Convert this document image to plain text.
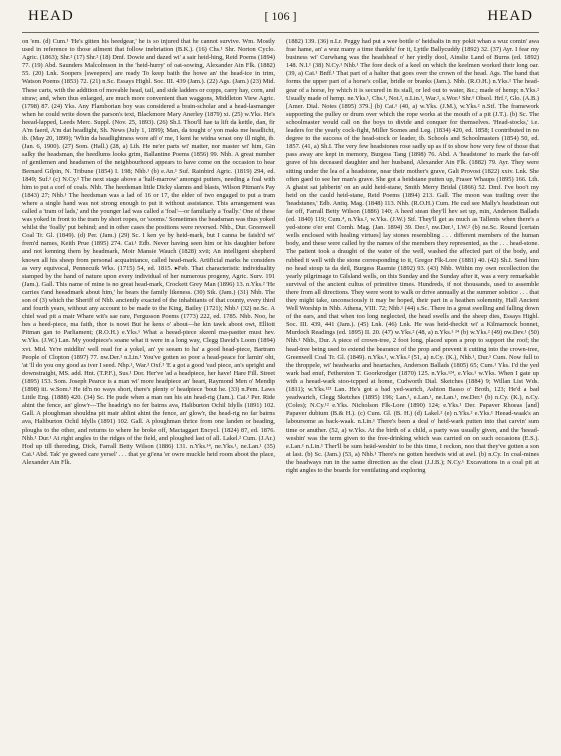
HEAD	[ 106 ]	HEAD

on 'em. (d) Cum.¹ 'He's gitten his heedgear,' he is so injured that he cannot survive. Wm. Mostly used in reference to those ailment that follow inebriation (B.K.). (16) Chs.¹ Shr. Norton Cyclo. Agric. (1863); Shr.² (17) Shr.² (18) Dmf. Dowie and dazed wi' a sair heid-hing, Reid Poems (1894) 77. (19) Abd. Saunders Malcolmson in the 'heid-hurry' of oat-sowing, Alexander Ain Flk. (1882) 55. (20) Lnk. Soopers [sweepers] are ready To keep baith the howe an' the head-ice in trim, Watson Poems (1853) 72. (21) n.Sc. Essays Highl. Soc. III. 439 (Jam.). (22) Ags. (Jam.) (23) Mid. These carts, with the addition of movable head, tail, and side ladders or copps, carry hay, corn, and straw; and, when thus enlarged, are much more convenient than waggons, Middleton View Agric. (1798) 87. (24) Yks. Any Flamborian boy was considered a brain-scholar and a head-lasmanger when he could write down the parson's text, Blackmore Mary Anerley (1879) xi. (25) w.Yks. He's heead-lapped, Leeds Merc. Suppl. (Nov. 25, 1893). (26) Sh.I. Thou'll hae ta lift da kettle, dan, fir A'm faerd, A'm dat headlight, Sh. News (July 1, 1899); Man, da tought o' yon maks me headlicht, ib. (May 20, 1899); 'Whin da headlightness wore aff o' me, I kent he widna wrast ony ill night, ib. (Jan. 6, 1900). (27) Som. (Hall.) (28, a) Lth. He ne'er parts wi' matter, nor master wi' him, Gin salky the headsman, the heedlums looks grim, Ballantine Poems (1856) 99. Nhb. A great number of gentlemen and headsmen of the neighbourhood appears to have come on the occasion to hear Bernard Gilpin, N. Tribune (1854) I. 198; Nhb.¹ (b) e.An.¹ Suf. Rainbird Agric. (1819) 294, ed. 1849; Suf.¹ (c) N.Cy.¹ The next stage above a 'half-marrow' amongst putters, needing a foal with him to put a corf of coals. Nhb. The heedsman little Dicky slamns and blasts, Wilson Pitman's Pay (1843) 27; Nhb.¹ The heedsman was a lad of 16 or 17, the elder of two engaged to put a tram where a single hand was not strong enough to put it without assistance. This arrangement was called a 'tram of lads,' and the younger lad was called a 'foal'—or familiarly a 'foally.' One of these was yoked in front to the tram by short ropes, or 'sooms.' Sometimes the headsman was thus yoked whilst the 'foally' put behind; and in other cases the positions were reversed. Nhb., Dur. Greenwell Coal Tr. Gl. (1849). (d) Per. (Jam.) (29) Sc. I ken ye by heid-mark, but I canna be faish'd wi' frem'd names, Keith Prue (1895) 274. Cai.¹ Edb. Never having seen him or his daughter before and not kenning them by headmark, Moir Mansie Wauch (1828) xvii; An intelligent shepherd known all his sheep from personal acquaintance, called head-mark. Artificial marks he considers as very equivocal, Pennecuik Wks. (1715) 54, ed. 1815. ▸Feb. That characteristic individuality stamped by the hand of nature upon every individual of her numerous progeny, Agric. Surv. 191 (Jam.). Gall. This name of mine is no great head-mark, Crockett Grey Man (1896) 13. n.Yks.² 'He carries t'and heeadmark about him,' he bears the family likeness. (30) Stk. (Jam.) (31) Nhb. The son of (3) which the Sheriff of Nhb. anciently exacted of the inhabitants of that county, every third and fourth years, without any account to be made to the King, Bailey (1721); Nhb.¹ (32) ne.Sc. A chiel wad pit a mair Whare wit's sae rare, Fergusson Poems (1773) 222, ed. 1785. Nhb. Noo, he hes a heed-piece, ma faith, thor is nowt But he kens o' about—he kin tawk aboot owt, Elliott Pitman gan to Parliament; (R.O.H.) e.Yks.¹ What a heead-piece skeenl ma-pastter must hev. w.Yks. (J.W.) Lan. My yoodpiece's soane what it were in a long way, Clegg David's Loom (1894) xvi. Mid. Ye're middlin' well read for a yokel, an' ye seeam to ha' a good head-piece, Bartram People of Clopton (1897) 77. nw.Der.¹ n.Lin.¹ You've gotten so poor a head-peace for larnin' oht, 'at 'll do you ony good as iver I seed. Nhp.¹, War.³ Oxf.¹ 'E a got a good 'ead piece, an's upright and downstraight, MS. add. Hnt. (T.P.F.), Sus.¹ Dor. Her've 'ad a headpiece, her have! Hare Fill. Street (1895) 153. Som. Joseph Pearce is a man wi' more headpiece an' heart, Raymond Men o' Mendip (1898) iii. w.Som.¹ He id'n no ways short, there's plenty o' headpiece 'bout he. (33) n.Pem. Laws Little Eng. (1888) 420. (34) Sc. He pude when a man ran his ain head-rig (Jam.). Cai.¹ Per. Ride ahint the fence, an' glow'r—The headrig's no fer bairns ava, Haliburton Ochil Idylls (1891) 102. Gall. A ploughman shouldna pit mair ablint ahint the fence, an' glow'r, the head-rig no far bairns ava, Haliburton Ochil Idylls (1891) 102. Gall. A ploughman thrice from one landen or heading, ploughs to the other, and returns to where he broke off, Mactaggart Encycl. (1824) 87, ed. 1876. Nhb.¹ Dur.¹ At right angles to the ridges of the field, and ploughed last of all. Lakel.² Cum. (J.Ar.) Hod up till thereding, Dick, Farrall Betty Wilson (1886) 131. n.Yks.¹⁴, ne.Yks.¹, ne.Lan.¹ (35) Cai.¹ Abd. Tak' ye gweed care yersel' . . . that ye gi'ena 'er owre muckle heid room aboot the place, Alexander Ain Flk.

(1882) 139. (36) n.Lr. Peggy had put a wee bottle o' heidsalts in my pokit whan a wuz comin' awa frae hame, an' a wuz many a time thankfu' for it, Lyttle Ballycuddy (1892) 32. (37) Ayr. I fear my business wi' Curwhang was the headsheaf o' her yirdly dool, Ainslie Land of Burns (ed. 1892) 148. N.I.¹ (38) N.Cy.¹ Nhb.¹ The fore deck of a keel on which the keelmen worked their long oar. (39, a) Cai.¹ Bnff.¹ That part of a halter that goes over the crown of the head. Ags. The band that forms the upper part of a horse's collar, bridle or branks (Jam.). Nhb. (R.O.H.) n.Yks.¹ The head-gear of a horse, by which it is secured in its stall, or led out to water, &c.; made of hemp; n.Yks.² Usually made of hemp. ne.Yks.¹, Chs.¹, Not.², n.Lin.¹, War.², s.Wor.¹ Shr.¹ Obsol. Hrf.², Glo. (A.B.) [Amer. Dial. Notes (1895) 379.] (b) Cai.¹ (40, a) w.Yks. (J.M.), w.Yks.² n.Stf. The framework supporting the pulley or drum over which the rope works at the mouth of a pit (J.T.). (b) Sc. The schoolmaster would call on the boys to divide and conquer for themselves. 'Head-stocks,' i.e. leaders for the yearly cock-fight, Miller Scenes and Leg. (1834) 420, ed. 1858; I contributed in no degree to the success of the head-stock or leader, ib. Schools and Schoolmasters (1854) 50, ed. 1857. (41, a) Sh.I. The very few headstones rose sadly up as if to show how very few of those that pass away are kept in memory, Burgess Tang (1898) 76. Abd. A 'headstone' to mark the far-off grave of his deceased daughter and her husband, Alexander Ain Flk. (1882) 79. Ayr. They were sitting under the lea of a headstone, near their mother's grave, Galt Provost (1822) xxiv. Lnk. She often gaed to see her man's grave. She got a heidstane putten up, Fraser Whaups (1895) 166. Lth. A ghaist sat jabberin' on an auld heid-stane, Smith Merry Bridal (1866) 52. Dmf. I've boo't my heid on the cauld heid-stane, Reid Poems (1894) 213. Gall. The moon was trailing over the 'headstanes,' Edb. Antiq. Mag. (1848) 113. Nhb. (R.O.H.) Cum. He cud see Mally's headstiean out far off, Farrall Betty Wilson (1886) 140; A heed stean they'll hev set up, min, Anderson Ballads (ed. 1840) 119; Cum.⁴, n.Yks.², w.Yks. (J.W.) Stf. They'll get as much as Tallents when there's a yed-stone o'er em! Cornh. Mag. (Jan. 1894) 39. Der.², nw.Der.¹, I.W.² (b) ne.Sc. Round [certain wells enclosed with healing virtues] lay stones resembling . . . different members of the human body, and these were called by the names of the members they represented, as the . . . head-stone. The patient took a draught of the water of the well, washed the affected part of the body, and rubbed it well with the stone corresponding to it, Gregor Flk-Lore (1881) 40. (42) Sh.I. Send him no head stoup ta da deil, Burgess Rasmie (1892) 93. (43) Nhb. Within my own recollection the yearly pilgrimage to Gilsland wells, on this Sunday and the Sunday after it, was a very remarkable survival of the ancient cultus of primitive times. Hundreds, if not thousands, used to assemble there from all directions. They were wont to walk or drive annually at the summer solstice . . . that they might take, unconsciously it may be hoped, their part in a heathen solemnity, Hall Ancient Well Worship in Nhb. Athena, VIII. 72; Nhb.¹ (44) s.Sc. There in a great swelling and falling down of the ears, and that when too long neglected, the head swells and the sheep dies, Essays Highl. Soc. III. 439, 441 (Jam.). (45) Lnk. (46) Lnk. He was heid-theckit wi' a Kilmarnock bonnet, Murdoch Readings (ed. 1895) II. 20. (47) w.Yks.² (48, a) n.Yks.¹ ²⁴ (b) w.Yks.² (49) nw.Dev.¹ (50) Nhb.¹ Nhb., Dur. A piece of crown-tree, 2 foot long, placed upon a prop to support the roof; the head-tree being used to extend the bearance of the prop and prevent it cutting into the crown-tree, Greenwell Coal Tr. Gl. (1849). n.Yks.¹, w.Yks.² (51, a) n.Cy. (K.), Nhb.¹, Dur.¹ Cum. Now full to the throppele, wi' headwarks and heartaches, Anderson Ballads (1805) 65; Cum.¹ Yks. I'd the yed wark bad enuf, Fetherston T. Goorkrodger (1870) 125. n.Yks.¹²⁴, e.Yks.¹ w.Yks. When I gate up with a heead-wark stoo-tcpped at home, Cudworth Dial. Sketches (1884) 9; Willan List Wds. (1811); w.Yks.¹²³ Lan. He's got a bad yed-wartch, Ashton Basso o' Broth, 123; He'd a bad yeadwartch, Clegg Sketches (1895) 196; Lan.¹, e.Lan.¹, ne.Lan.¹, nw.Der.¹ (b) n.Cy. (K.), n.Cy. (Coles); N.Cy.¹² e.Yks. Nicholson Flk-Lore (1890) 124; e.Yks.¹ Der. Papaver Rhoeas [and] Papaver dubium (B.& H.). (c) Cum. Gl. (B. H.) (d) Lakel.² (e) n.Yks.² e.Yks.¹ Heead-waak's an laboursome as back-waak. n.Lin.¹ There's been a deal o' heid-wark putten into that carvin' sum time or anuther. (52, a) w.Yks. At the birth of a child, a party was usually given, and the 'heead-weshin' was the term given to the free-drinking which was carried on on such occasions (E.S.). e.Lan.¹ n.Lin.¹ Ther'll be sum heäd-weshin' to be this time, I reckon, noo that they've gotten a son at last. (b) Sc. (Jam.) (53, a) Nhb.¹ There's ne gotten heedwis wid at awl. (b) n.Cy. In coal-mines the headways run in the same direction as the cleat (J.J.B.); N.Cy.¹ Excavations in a coal pit at right angles to the boards for ventilating and exploring
